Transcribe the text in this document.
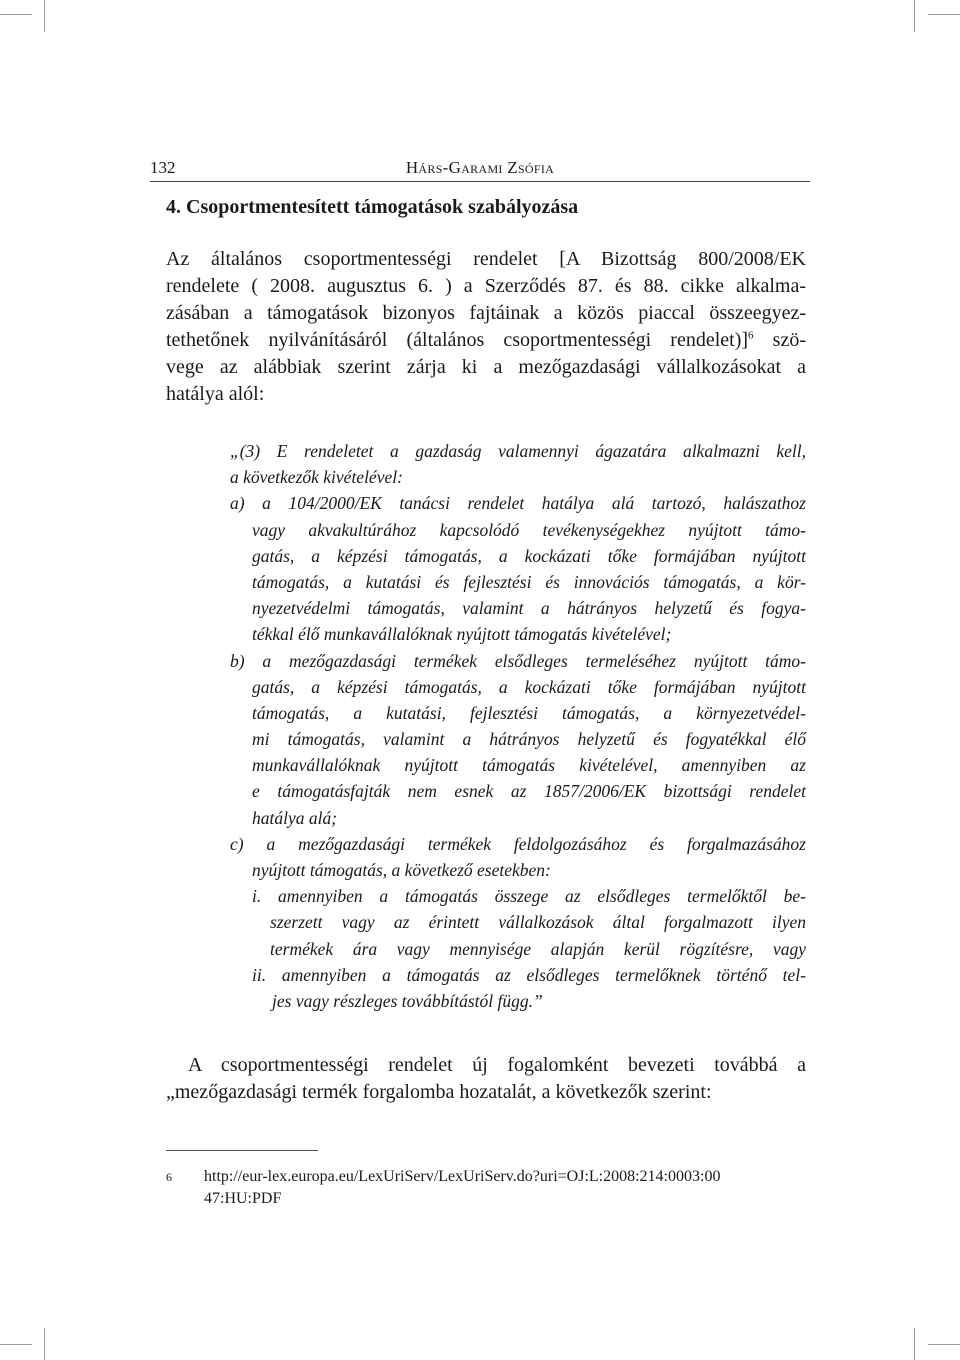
132	Hárs-Garami Zsófia
4. Csoportmentesített támogatások szabályozása
Az általános csoportmentességi rendelet [A Bizottság 800/2008/EK
rendelete ( 2008. augusztus 6. ) a Szerződés 87. és 88. cikke alkalma-
zásában a támogatások bizonyos fajtáinak a közös piaccal összeegyez-
tethetőnek nyilvánításáról (általános csoportmentességi rendelet)]$^6$ szö-
vege az alábbiak szerint zárja ki a mezőgazdasági vállalkozásokat a
hatálya alól:
„(3) E rendeletet a gazdaság valamennyi ágazatára alkalmazni kell,
a következők kivételével:
a) a 104/2000/EK tanácsi rendelet hatálya alá tartozó, halászathoz
vagy akvakultúrához kapcsolódó tevékenységekhez nyújtott támo-
gatás, a képzési támogatás, a kockázati tőke formájában nyújtott
támogatás, a kutatási és fejlesztési és innovációs támogatás, a kör-
nyezetvédelmi támogatás, valamint a hátrányos helyzetű és fogya-
tékkal élő munkavállalóknak nyújtott támogatás kivételével;
b) a mezőgazdasági termékek elsődleges termeléséhez nyújtott támo-
gatás, a képzési támogatás, a kockázati tőke formájában nyújtott
támogatás, a kutatási, fejlesztési támogatás, a környezetvédel-
mi támogatás, valamint a hátrányos helyzetű és fogyatékkal élő
munkavállalóknak nyújtott támogatás kivételével, amennyiben az
e támogatásfajták nem esnek az 1857/2006/EK bizottsági rendelet
hatálya alá;
c) a mezőgazdasági termékek feldolgozásához és forgalmazásához
nyújtott támogatás, a következő esetekben:
i. amennyiben a támogatás összege az elsődleges termelőktől be-
szerzett vagy az érintett vállalkozások által forgalmazott ilyen
termékek ára vagy mennyisége alapján kerül rögzítésre, vagy
ii. amennyiben a támogatás az elsődleges termelőknek történő tel-
jes vagy részleges továbbítástól függ.”
A csoportmentességi rendelet új fogalomként bevezeti továbbá a
„mezőgazdasági termék forgalomba hozatalát, a következők szerint:
6 http://eur-lex.europa.eu/LexUriServ/LexUriServ.do?uri=OJ:L:2008:214:0003:00
47:HU:PDF
